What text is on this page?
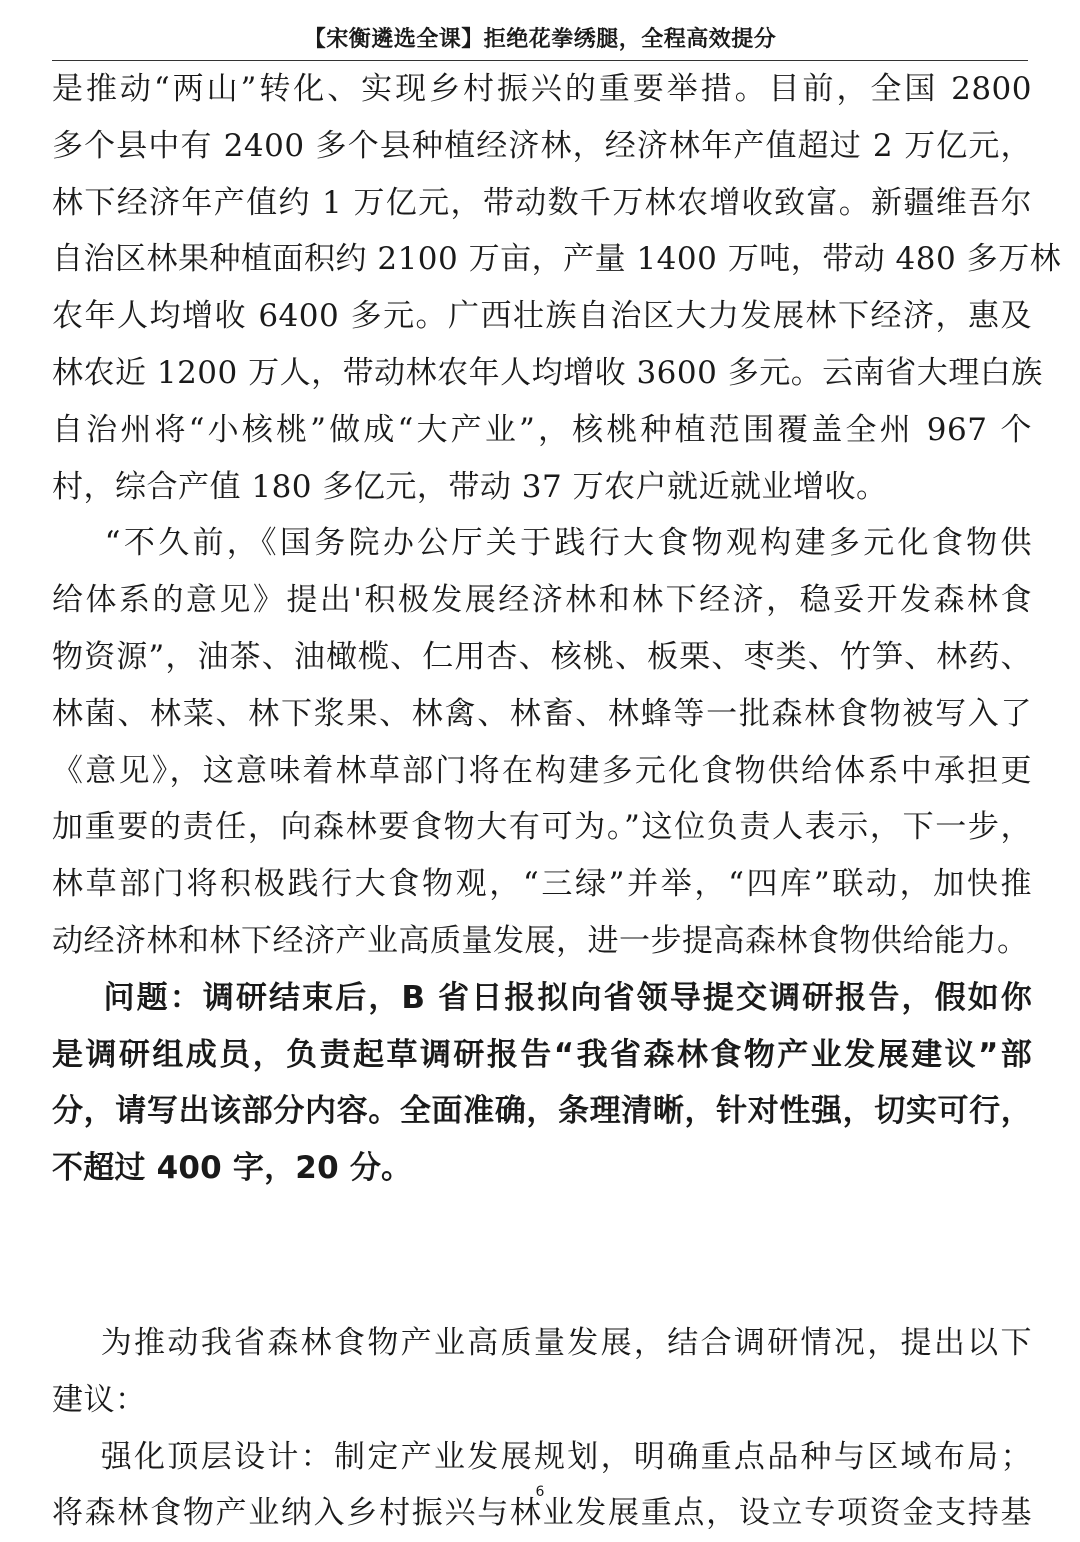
【宋衡遴选全课】拒绝花拳绣腿，全程高效提分
是推动“两山”转化、实现乡村振兴的重要举措。目前，全国 2800
多个县中有 2400 多个县种植经济林，经济林年产值超过 2 万亿元，
林下经济年产值约 1 万亿元，带动数千万林农增收致富。新疆维吾尔
自治区林果种植面积约 2100 万亩，产量 1400 万吨，带动 480 多万林
农年人均增收 6400 多元。广西壮族自治区大力发展林下经济，惠及
林农近 1200 万人，带动林农年人均增收 3600 多元。云南省大理白族
自治州将“小核桃”做成“大产业”，核桃种植范围覆盖全州 967 个
村，综合产值 180 多亿元，带动 37 万农户就近就业增收。
“不久前，《国务院办公厅关于践行大食物观构建多元化食物供
给体系的意见》提出'积极发展经济林和林下经济，稳妥开发森林食
物资源”，油茶、油橄榄、仁用杏、核桃、板栗、枣类、竹笋、林药、
林菌、林菜、林下浆果、林禽、林畜、林蜂等一批森林食物被写入了
《意见》，这意味着林草部门将在构建多元化食物供给体系中承担更
加重要的责任，向森林要食物大有可为。”这位负责人表示，下一步，
林草部门将积极践行大食物观，“三绿”并举，“四库”联动，加快推
动经济林和林下经济产业高质量发展，进一步提高森林食物供给能力。
问题：调研结束后，B 省日报拟向省领导提交调研报告，假如你
是调研组成员，负责起草调研报告“我省森林食物产业发展建议”部
分，请写出该部分内容。全面准确，条理清晰，针对性强，切实可行，
不超过 400 字，20 分。
为推动我省森林食物产业高质量发展，结合调研情况，提出以下
建议：
强化顶层设计：制定产业发展规划，明确重点品种与区域布局；
将森林食物产业纳入乡村振兴与林业发展重点，设立专项资金支持基
6
